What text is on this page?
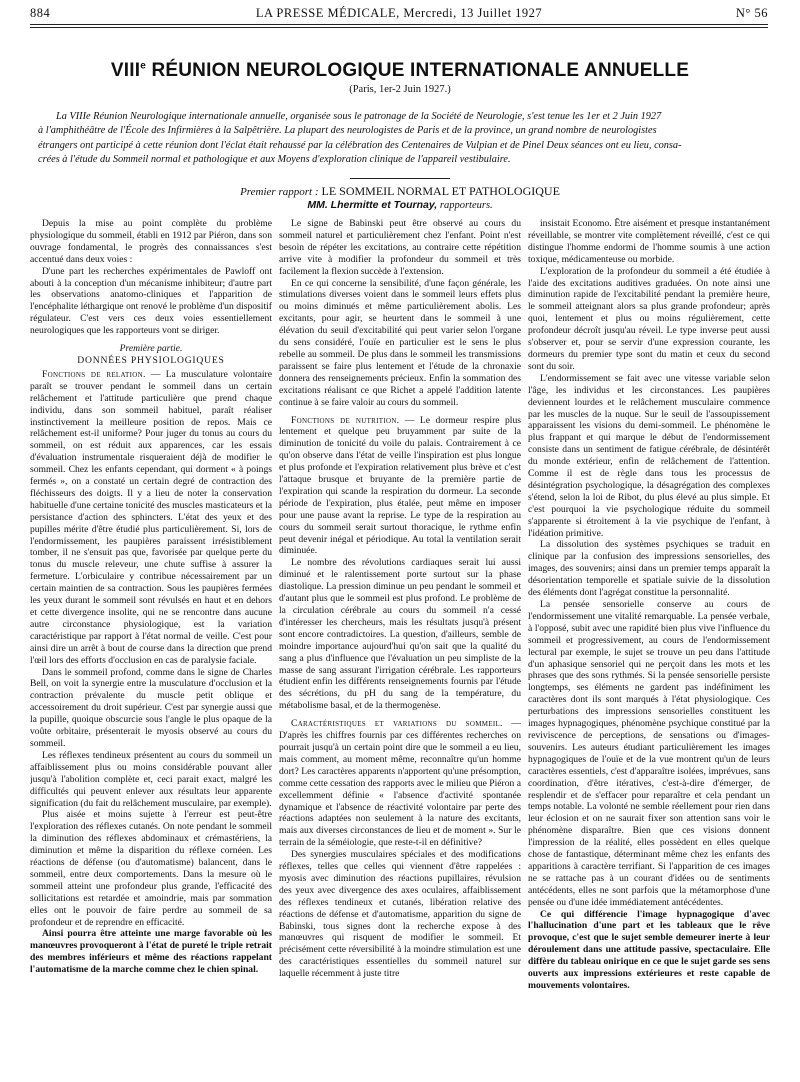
884	LA PRESSE MÉDICALE, Mercredi, 13 Juillet 1927	N° 56
VIIIe RÉUNION NEUROLOGIQUE INTERNATIONALE ANNUELLE
(Paris, 1er-2 Juin 1927.)
La VIIIe Réunion Neurologique internationale annuelle, organisée sous le patronage de la Société de Neurologie, s'est tenue les 1er et 2 Juin 1927
à l'amphithéâtre de l'École des Infirmières à la Salpêtrière. La plupart des neurologistes de Paris et de la province, un grand nombre de neurologistes
étrangers ont participé à cette réunion dont l'éclat était rehaussé par la célébration des Centenaires de Vulpian et de Pinel Deux séances ont eu lieu, consa-
crées à l'étude du Sommeil normal et pathologique et aux Moyens d'exploration clinique de l'appareil vestibulaire.
Premier rapport : LE SOMMEIL NORMAL ET PATHOLOGIQUE
MM. Lhermitte et Tournay, rapporteurs.

Depuis la mise au point complète du problème physiologique du sommeil, établi en 1912 par Piéron, dans son ouvrage fondamental, le progrès des connaissances s'est accentué dans deux voies :

D'une part les recherches expérimentales de Pawloff ont abouti à la conception d'un mécanisme inhibiteur; d'autre part les observations anatomo-cliniques et l'apparition de l'encéphalite léthargique ont renové le problème d'un dispositif régulateur. C'est vers ces deux voies essentiellement neurologiques que les rapporteurs vont se diriger.

Première partie.

DONNÉES PHYSIOLOGIQUES

Fonctions de relation. — La musculature volontaire paraît se trouver pendant le sommeil dans un certain relâchement et l'attitude particulière que prend chaque individu, dans son sommeil habituel, paraît réaliser instinctivement la meilleure position de repos. Mais ce relâchement est-il uniforme? Pour juger du tonus au cours du sommeil, on est réduit aux apparences, car les essais d'évaluation instrumentale risqueraient déjà de modifier le sommeil. Chez les enfants cependant, qui dorment « à poings fermés », on a constaté un certain degré de contraction des fléchisseurs des doigts. Il y a lieu de noter la conservation habituelle d'une certaine tonicité des muscles masticateurs et la persistance d'action des sphincters. L'état des yeux et des pupilles mérite d'être étudié plus particulièrement. Si, lors de l'endormissement, les paupières paraissent irrésistiblement tomber, il ne s'ensuit pas que, favorisée par quelque perte du tonus du muscle releveur, une chute suffise à assurer la fermeture. L'orbiculaire y contribue nécessairement par un certain maintien de sa contraction. Sous les paupières fermées les yeux durant le sommeil sont révulsés en haut et en dehors et cette divergence insolite, qui ne se rencontre dans aucune autre circonstance physiologique, est la variation caractéristique par rapport à l'état normal de veille. C'est pour ainsi dire un arrêt à bout de course dans la direction que prend l'œil lors des efforts d'occlusion en cas de paralysie faciale.

Dans le sommeil profond, comme dans le signe de Charles Bell, on voit la synergie entre la musculature d'occlusion et la contraction prévalente du muscle petit oblique et accessoirement du droit supérieur. C'est par synergie aussi que la pupille, quoique obscurcie sous l'angle le plus opaque de la voûte orbitaire, présenterait le myosis observé au cours du sommeil.

Les réflexes tendineux présentent au cours du sommeil un affaiblissement plus ou moins considérable pouvant aller jusqu'à l'abolition complète et, ceci parait exact, malgré les difficultés qui peuvent enlever aux résultats leur apparente signification (du fait du relâchement musculaire, par exemple).

Plus aisée et moins sujette à l'erreur est peut-être l'exploration des réflexes cutanés. On note pendant le sommeil la diminution des réflexes abdominaux et crémastériens, la diminution et même la disparition du réflexe cornéen. Les réactions de défense (ou d'automatisme) balancent, dans le sommeil, entre deux comportements. Dans la mesure où le sommeil atteint une profondeur plus grande, l'efficacité des sollicitations est retardée et amoindrie, mais par sommation elles ont le pouvoir de faire perdre au sommeil de sa profondeur et de reprendre en efficacité.

Ainsi pourra être atteinte une marge favorable où les manœuvres provoqueront à l'état de pureté le triple retrait des membres inférieurs et même des réactions rappelant l'automatisme de la marche comme chez le chien spinal.

Le signe de Babinski peut être observé au cours du sommeil naturel et particulièrement chez l'enfant. Point n'est besoin de répéter les excitations, au contraire cette répétition arrive vite à modifier la profondeur du sommeil et très facilement la flexion succède à l'extension.

En ce qui concerne la sensibilité, d'une façon générale, les stimulations diverses voient dans le sommeil leurs effets plus ou moins diminués et même particulièrement abolis. Les excitants, pour agir, se heurtent dans le sommeil à une élévation du seuil d'excitabilité qui peut varier selon l'organe du sens considéré, l'ouïe en particulier est le sens le plus rebelle au sommeil. De plus dans le sommeil les transmissions paraissent se faire plus lentement et l'étude de la chronaxie donnera des renseignements précieux. Enfin la sommation des excitations réalisant ce que Richet a appelé l'addition latente continue à se faire valoir au cours du sommeil.

Fonctions de nutrition. — Le dormeur respire plus lentement et quelque peu bruyamment par suite de la diminution de tonicité du voile du palais. Contrairement à ce qu'on observe dans l'état de veille l'inspiration est plus longue et plus profonde et l'expiration relativement plus brève et c'est l'attaque brusque et bruyante de la première partie de l'expiration qui scande la respiration du dormeur. La seconde période de l'expiration, plus étalée, peut même en imposer pour une pause avant la reprise. Le type de la respiration au cours du sommeil serait surtout thoracique, le rythme enfin peut devenir inégal et périodique. Au total la ventilation serait diminuée.

Le nombre des révolutions cardiaques serait lui aussi diminué et le ralentissement porte surtout sur la phase diastolique. La pression diminue un peu pendant le sommeil et d'autant plus que le sommeil est plus profond. Le problème de la circulation cérébrale au cours du sommeil n'a cessé d'intéresser les chercheurs, mais les résultats jusqu'à présent sont encore contradictoires. La question, d'ailleurs, semble de moindre importance aujourd'hui qu'on sait que la qualité du sang a plus d'influence que l'évaluation un peu simpliste de la masse de sang assurant l'irrigation cérébrale. Les rapporteurs étudient enfin les différents renseignements fournis par l'étude des sécrétions, du pH du sang de la température, du métabolisme basal, et de la thermogenèse.

Caractéristiques et variations du sommeil. — D'après les chiffres fournis par ces différentes recherches on pourrait jusqu'à un certain point dire que le sommeil a eu lieu, mais comment, au moment même, reconnaître qu'un homme dort? Les caractères apparents n'apportent qu'une présomption, comme cette cessation des rapports avec le milieu que Piéron a excellemment définie « l'absence d'activité spontanée dynamique et l'absence de réactivité volontaire par perte des réactions adaptées non seulement à la nature des excitants, mais aux diverses circonstances de lieu et de moment ». Sur le terrain de la séméiologie, que reste-t-il en définitive?

Des synergies musculaires spéciales et des modifications réflexes, telles que celles qui viennent d'être rappelées : myosis avec diminution des réactions pupillaires, révulsion des yeux avec divergence des axes oculaires, affaiblissement des réflexes tendineux et cutanés, libération relative des réactions de défense et d'automatisme, apparition du signe de Babinski, tous signes dont la recherche expose à des manœuvres qui risquent de modifier le sommeil. Et précisément cette réversibilité à la moindre stimulation est une des caractéristiques essentielles du sommeil naturel sur laquelle récemment à juste titre

insistait Economo. Être aisément et presque instantanément réveillable, se montrer vite complètement réveillé, c'est ce qui distingue l'homme endormi de l'homme soumis à une action toxique, médicamenteuse ou morbide.

L'exploration de la profondeur du sommeil a été étudiée à l'aide des excitations auditives graduées. On note ainsi une diminution rapide de l'excitabilité pendant la première heure, le sommeil atteignant alors sa plus grande profondeur; après quoi, lentement et plus ou moins régulièrement, cette profondeur décroît jusqu'au réveil. Le type inverse peut aussi s'observer et, pour se servir d'une expression courante, les dormeurs du premier type sont du matin et ceux du second sont du soir.

L'endormissement se fait avec une vitesse variable selon l'âge, les individus et les circonstances. Les paupières deviennent lourdes et le relâchement musculaire commence par les muscles de la nuque. Sur le seuil de l'assoupissement apparaissent les visions du demi-sommeil. Le phénomène le plus frappant et qui marque le début de l'endormissement consiste dans un sentiment de fatigue cérébrale, de désintérêt du monde extérieur, enfin de relâchement de l'attention. Comme il est de règle dans tous les processus de désintégration psychologique, la désagrégation des complexes s'étend, selon la loi de Ribot, du plus élevé au plus simple. Et c'est pourquoi la vie psychologique réduite du sommeil s'apparente si étroitement à la vie psychique de l'enfant, à l'idéation primitive.

La dissolution des systèmes psychiques se traduit en clinique par la confusion des impressions sensorielles, des images, des souvenirs; ainsi dans un premier temps apparaît la désorientation temporelle et spatiale suivie de la dissolution des éléments dont l'agrégat constitue la personnalité.

La pensée sensorielle conserve au cours de l'endormissement une vitalité remarquable. La pensée verbale, à l'opposé, subit avec une rapidité bien plus vive l'influence du sommeil et progressivement, au cours de l'endormissement lectural par exemple, le sujet se trouve un peu dans l'attitude d'un aphasique sensoriel qui ne perçoit dans les mots et les phrases que des sons rythmés. Si la pensée sensorielle persiste longtemps, ses éléments ne gardent pas indéfiniment les caractères dont ils sont marqués à l'état physiologique. Ces perturbations des impressions sensorielles constituent les images hypnagogiques, phénomène psychique constitué par la reviviscence de perceptions, de sensations ou d'images-souvenirs. Les auteurs étudiant particulièrement les images hypnagogiques de l'ouïe et de la vue montrent qu'un de leurs caractères essentiels, c'est d'apparaître isolées, imprévues, sans coordination, d'être itératives, c'est-à-dire d'émerger, de resplendir et de s'effacer pour reparaître et cela pendant un temps notable. La volonté ne semble réellement pour rien dans leur éclosion et on ne saurait fixer son attention sans voir le phénomène disparaître. Bien que ces visions donnent l'impression de la réalité, elles possèdent en elles quelque chose de fantastique, déterminant même chez les enfants des apparitions à caractère terrifiant. Si l'apparition de ces images ne se rattache pas à un courant d'idées ou de sentiments antécédents, elles ne sont parfois que la métamorphose d'une pensée ou d'une idée immédiatement antécédentes.

Ce qui différencie l'image hypnagogique d'avec l'hallucination d'une part et les tableaux que le rêve provoque, c'est que le sujet semble demeurer inerte à leur déroulement dans une attitude passive, spectaculaire. Elle diffère du tableau onirique en ce que le sujet garde ses sens ouverts aux impressions extérieures et reste capable de mouvements volontaires.
